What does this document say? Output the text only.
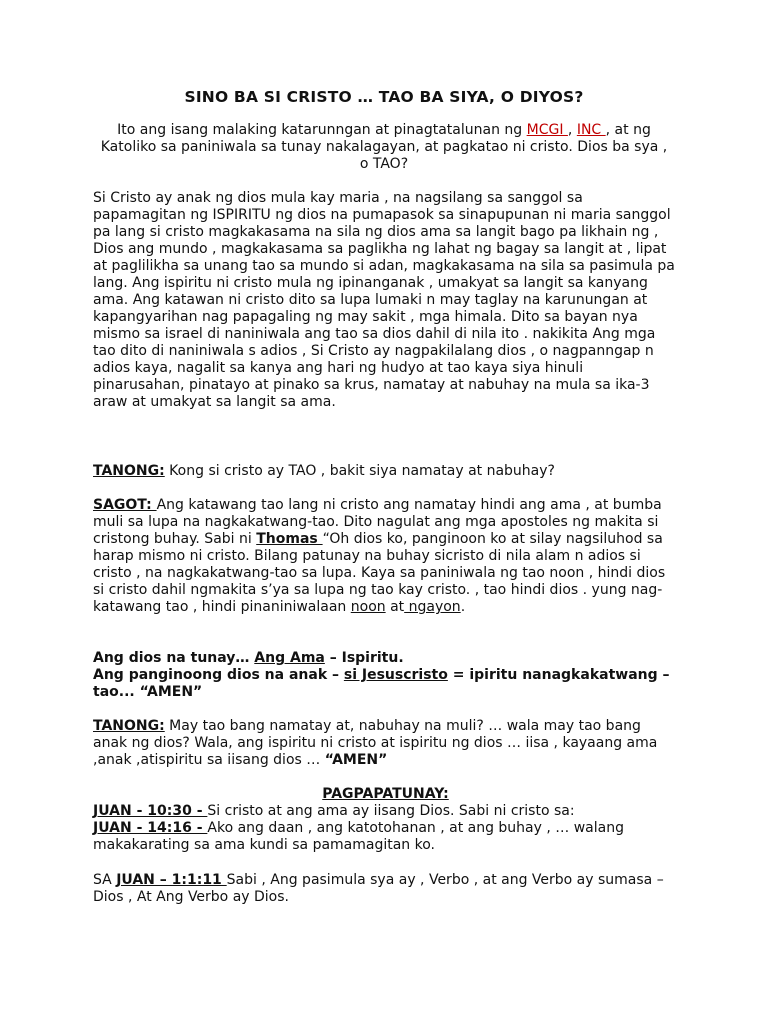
SINO BA SI CRISTO … TAO BA SIYA, O DIYOS?
Ito ang isang malaking katarunngan at pinagtatalunan ng MCGI , INC , at ng Katoliko sa paniniwala sa tunay nakalagayan, at pagkatao ni cristo. Dios ba sya , o TAO?
Si Cristo ay anak ng dios mula kay maria , na nagsilang sa sanggol sa papamagitan ng ISPIRITU ng dios na pumapasok sa sinapupunan ni maria sanggol pa lang si cristo magkakasama na sila ng dios ama sa langit bago pa likhain ng , Dios ang mundo , magkakasama sa paglikha ng lahat ng bagay sa langit at , lipat at paglilikha sa unang tao sa mundo si adan, magkakasama na sila sa pasimula pa lang. Ang ispiritu ni cristo mula ng ipinanganak , umakyat sa langit sa kanyang ama. Ang katawan ni cristo dito sa lupa lumaki n may taglay na karunungan at kapangyarihan nag papagaling ng may sakit , mga himala. Dito sa bayan nya mismo sa israel di naniniwala ang tao sa dios dahil di nila ito . nakikita Ang mga tao dito di naniniwala s adios , Si Cristo ay nagpakilalang dios , o nagpanngap n adios kaya, nagalit sa kanya ang hari ng hudyo at tao kaya siya hinuli pinarusahan, pinatayo at pinako sa krus, namatay at nabuhay na mula sa ika-3 araw at umakyat sa langit sa ama.
TANONG: Kong si cristo ay TAO , bakit siya namatay at nabuhay?
SAGOT: Ang katawang tao lang ni cristo ang namatay hindi ang ama , at bumba muli sa lupa na nagkakatwang-tao. Dito nagulat ang mga apostoles ng makita si cristong buhay. Sabi ni Thomas “Oh dios ko, panginoon ko at silay nagsiluhod sa harap mismo ni cristo. Bilang patunay na buhay sicristo di nila alam n adios si cristo , na nagkakatwang-tao sa lupa. Kaya sa paniniwala ng tao noon , hindi dios si cristo dahil ngmakita s’ya sa lupa ng tao kay cristo. , tao hindi dios . yung nag-katawang tao , hindi pinaniniwalaan noon at ngayon.
Ang dios na tunay… Ang Ama – Ispiritu.
Ang panginoong dios na anak – si Jesuscristo = ipiritu nanagkakatwang – tao... “AMEN”
TANONG: May tao bang namatay at, nabuhay na muli? … wala may tao bang anak ng dios? Wala, ang ispiritu ni cristo at ispiritu ng dios … iisa , kayaang ama ,anak ,atispiritu sa iisang dios … “AMEN”
PAGPAPATUNAY:
JUAN - 10:30 - Si cristo at ang ama ay iisang Dios. Sabi ni cristo sa:
JUAN - 14:16 - Ako ang daan , ang katotohanan , at ang buhay , … walang makakarating sa ama kundi sa pamamagitan ko.
SA JUAN – 1:1:11 Sabi , Ang pasimula sya ay , Verbo , at ang Verbo ay sumasa – Dios , At Ang Verbo ay Dios.
